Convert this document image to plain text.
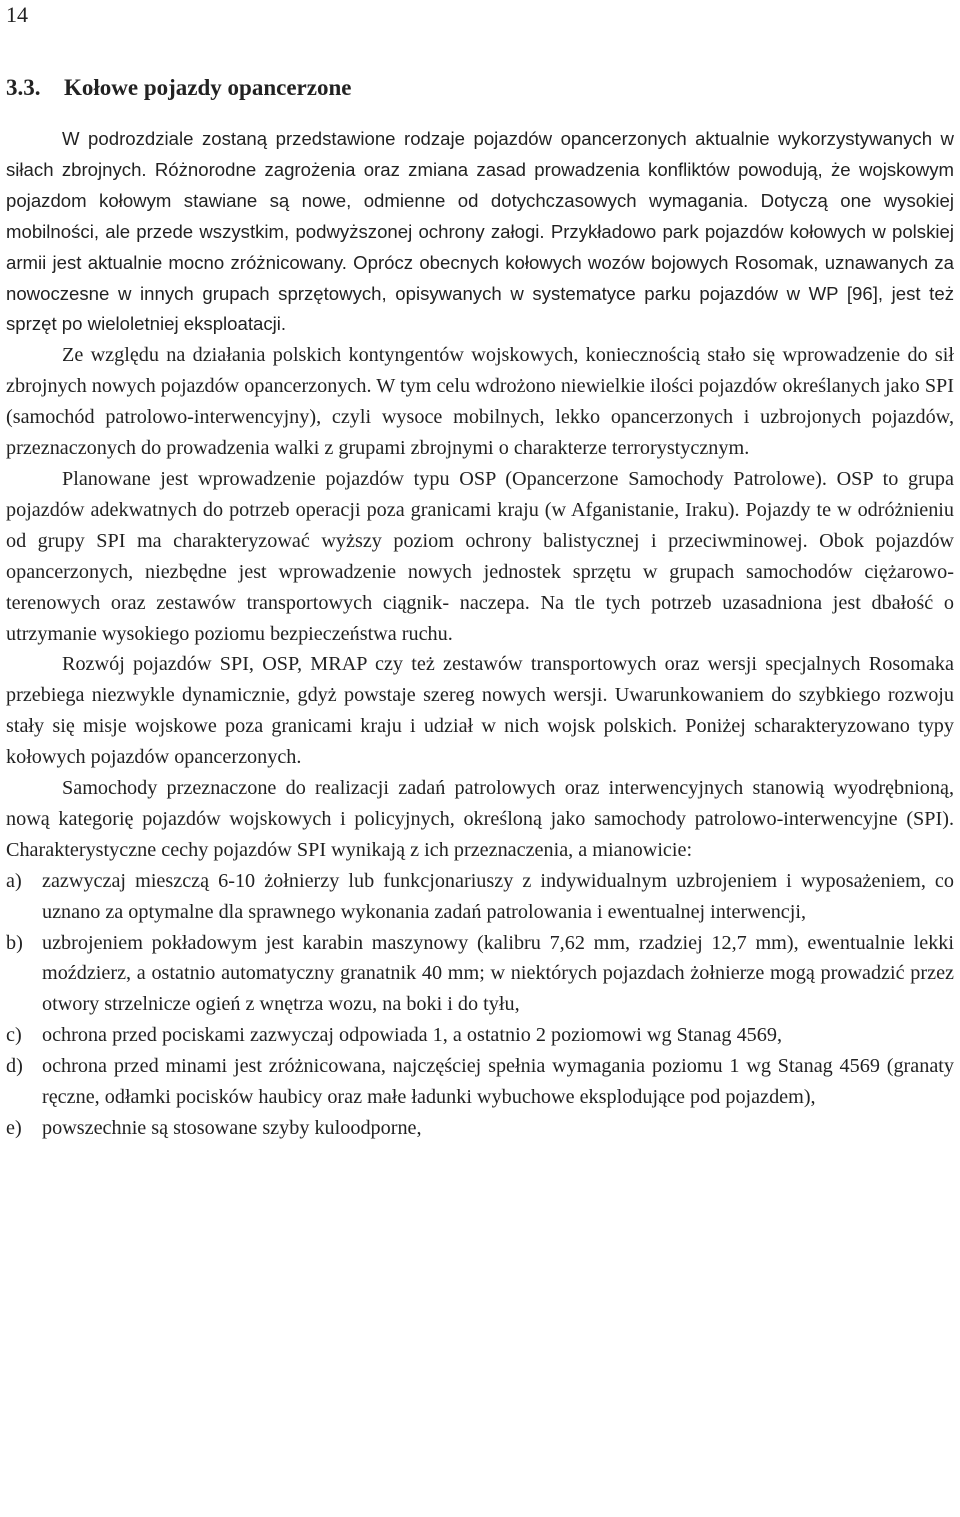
14
3.3. Kołowe pojazdy opancerzone

W podrozdziale zostaną przedstawione rodzaje pojazdów opancerzonych aktualnie wykorzystywanych w siłach zbrojnych. Różnorodne zagrożenia oraz zmiana zasad prowadzenia konfliktów powodują, że wojskowym pojazdom kołowym stawiane są nowe, odmienne od dotychczasowych wymagania. Dotyczą one wysokiej mobilności, ale przede wszystkim, podwyższonej ochrony załogi. Przykładowo park pojazdów kołowych w polskiej armii jest aktualnie mocno zróżnicowany. Oprócz obecnych kołowych wozów bojowych Rosomak, uznawanych za nowoczesne w innych grupach sprzętowych, opisywanych w systematyce parku pojazdów w WP [96], jest też sprzęt po wieloletniej eksploatacji.

Ze względu na działania polskich kontyngentów wojskowych, koniecznością stało się wprowadzenie do sił zbrojnych nowych pojazdów opancerzonych. W tym celu wdrożono niewielkie ilości pojazdów określanych jako SPI (samochód patrolowo-interwencyjny), czyli wysoce mobilnych, lekko opancerzonych i uzbrojonych pojazdów, przeznaczonych do prowadzenia walki z grupami zbrojnymi o charakterze terrorystycznym.

Planowane jest wprowadzenie pojazdów typu OSP (Opancerzone Samochody Patrolowe). OSP to grupa pojazdów adekwatnych do potrzeb operacji poza granicami kraju (w Afganistanie, Iraku). Pojazdy te w odróżnieniu od grupy SPI ma charakteryzować wyższy poziom ochrony balistycznej i przeciwminowej. Obok pojazdów opancerzonych, niezbędne jest wprowadzenie nowych jednostek sprzętu w grupach samochodów ciężarowo-terenowych oraz zestawów transportowych ciągnik- naczepa. Na tle tych potrzeb uzasadniona jest dbałość o utrzymanie wysokiego poziomu bezpieczeństwa ruchu.

Rozwój pojazdów SPI, OSP, MRAP czy też zestawów transportowych oraz wersji specjalnych Rosomaka przebiega niezwykle dynamicznie, gdyż powstaje szereg nowych wersji. Uwarunkowaniem do szybkiego rozwoju stały się misje wojskowe poza granicami kraju i udział w nich wojsk polskich. Poniżej scharakteryzowano typy kołowych pojazdów opancerzonych.

Samochody przeznaczone do realizacji zadań patrolowych oraz interwencyjnych stanowią wyodrębnioną, nową kategorię pojazdów wojskowych i policyjnych, określoną jako samochody patrolowo-interwencyjne (SPI). Charakterystyczne cechy pojazdów SPI wynikają z ich przeznaczenia, a mianowicie:

a) zazwyczaj mieszczą 6-10 żołnierzy lub funkcjonariuszy z indywidualnym uzbrojeniem i wyposażeniem, co uznano za optymalne dla sprawnego wykonania zadań patrolowania i ewentualnej interwencji,
b) uzbrojeniem pokładowym jest karabin maszynowy (kalibru 7,62 mm, rzadziej 12,7 mm), ewentualnie lekki moździerz, a ostatnio automatyczny granatnik 40 mm; w niektórych pojazdach żołnierze mogą prowadzić przez otwory strzelnicze ogień z wnętrza wozu, na boki i do tyłu,
c) ochrona przed pociskami zazwyczaj odpowiada 1, a ostatnio 2 poziomowi wg Stanag 4569,
d) ochrona przed minami jest zróżnicowana, najczęściej spełnia wymagania poziomu 1 wg Stanag 4569 (granaty ręczne, odłamki pocisków haubicy oraz małe ładunki wybuchowe eksplodujące pod pojazdem),
e) powszechnie są stosowane szyby kuloodporne,
